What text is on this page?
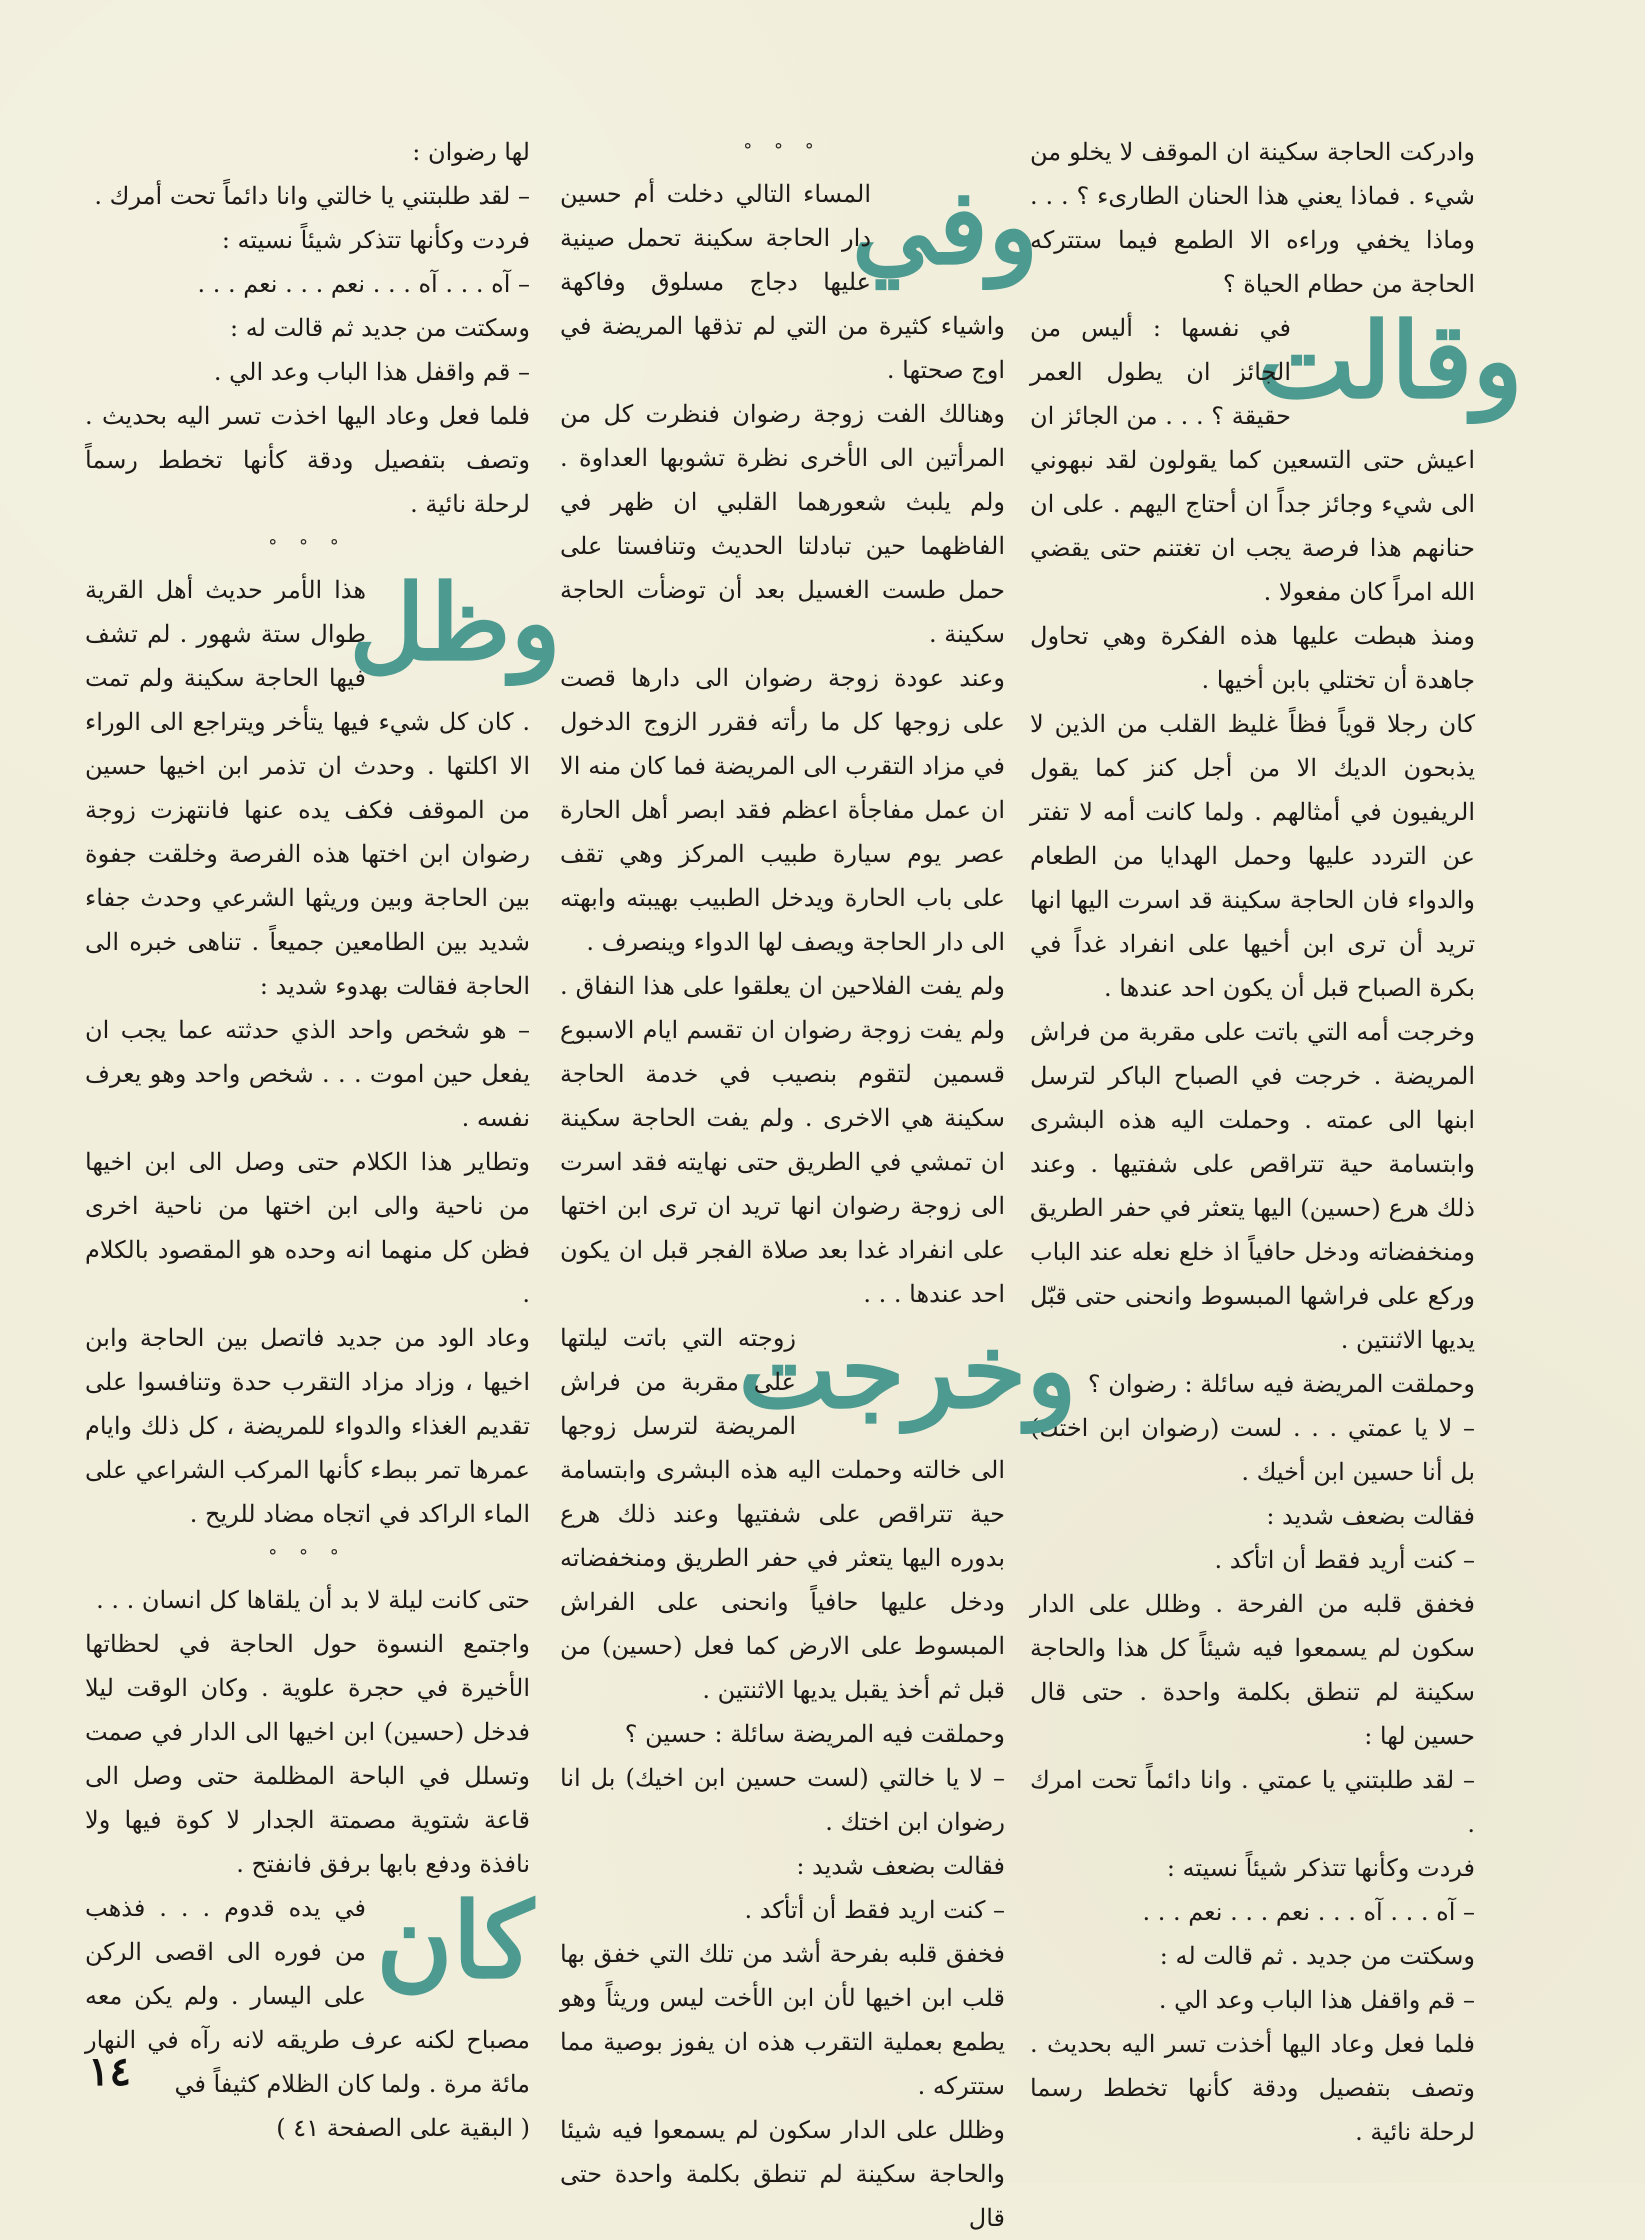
وادركت الحاجة سكينة ان الموقف لا يخلو من شيء . فماذا يعني هذا الحنان الطارىء ؟ . . . وماذا يخفي وراءه الا الطمع فيما ستتركه الحاجة من حطام الحياة ؟
وقالت
في نفسها : أليس من الجائز ان يطول العمر حقيقة ؟ . . . من الجائز ان اعيش حتى التسعين كما يقولون لقد نبهوني الى شيء وجائز جداً ان أحتاج اليهم . على ان حنانهم هذا فرصة يجب ان تغتنم حتى يقضي الله امراً كان مفعولا .
ومنذ هبطت عليها هذه الفكرة وهي تحاول جاهدة أن تختلي بابن أخيها .
كان رجلا قوياً فظاً غليظ القلب من الذين لا يذبحون الديك الا من أجل كنز كما يقول الريفيون في أمثالهم . ولما كانت أمه لا تفتر عن التردد عليها وحمل الهدايا من الطعام والدواء فان الحاجة سكينة قد اسرت اليها انها تريد أن ترى ابن أخيها على انفراد غداً في بكرة الصباح قبل أن يكون احد عندها .
وخرجت أمه التي باتت على مقربة من فراش المريضة . خرجت في الصباح الباكر لترسل ابنها الى عمته . وحملت اليه هذه البشرى وابتسامة حية تتراقص على شفتيها . وعند ذلك هرع (حسين) اليها يتعثر في حفر الطريق ومنخفضاته ودخل حافياً اذ خلع نعله عند الباب وركع على فراشها المبسوط وانحنى حتى قبّل يديها الاثنتين .
وحملقت المريضة فيه سائلة : رضوان ؟
– لا يا عمتي . . . لست (رضوان ابن اختك) بل أنا حسين ابن أخيك .
فقالت بضعف شديد :
– كنت أريد فقط أن اتأكد .
فخفق قلبه من الفرحة . وظلل على الدار سكون لم يسمعوا فيه شيئاً كل هذا والحاجة سكينة لم تنطق بكلمة واحدة . حتى قال حسين لها :
– لقد طلبتني يا عمتي . وانا دائماً تحت امرك .
فردت وكأنها تتذكر شيئاً نسيته :
– آه . . . آه . . . نعم . . . نعم . . .
وسكتت من جديد . ثم قالت له :
– قم واقفل هذا الباب وعد الي .
فلما فعل وعاد اليها أخذت تسر اليه بحديث . وتصف بتفصيل ودقة كأنها تخطط رسما لرحلة نائية .
° ° °
وفي
المساء التالي دخلت أم حسين دار الحاجة سكينة تحمل صينية عليها دجاج مسلوق وفاكهة واشياء كثيرة من التي لم تذقها المريضة في اوج صحتها .
وهنالك الفت زوجة رضوان فنظرت كل من المرأتين الى الأخرى نظرة تشوبها العداوة . ولم يلبث شعورهما القلبي ان ظهر في الفاظهما حين تبادلتا الحديث وتنافستا على حمل طست الغسيل بعد أن توضأت الحاجة سكينة .
وعند عودة زوجة رضوان الى دارها قصت على زوجها كل ما رأته فقرر الزوج الدخول في مزاد التقرب الى المريضة فما كان منه الا ان عمل مفاجأة اعظم فقد ابصر أهل الحارة عصر يوم سيارة طبيب المركز وهي تقف على باب الحارة ويدخل الطبيب بهيبته وابهته الى دار الحاجة ويصف لها الدواء وينصرف .
ولم يفت الفلاحين ان يعلقوا على هذا النفاق . ولم يفت زوجة رضوان ان تقسم ايام الاسبوع قسمين لتقوم بنصيب في خدمة الحاجة سكينة هي الاخرى . ولم يفت الحاجة سكينة ان تمشي في الطريق حتى نهايته فقد اسرت الى زوجة رضوان انها تريد ان ترى ابن اختها على انفراد غدا بعد صلاة الفجر قبل ان يكون احد عندها . . .
وخرجت
زوجته التي باتت ليلتها على مقربة من فراش المريضة لترسل زوجها الى خالته وحملت اليه هذه البشرى وابتسامة حية تتراقص على شفتيها وعند ذلك هرع بدوره اليها يتعثر في حفر الطريق ومنخفضاته ودخل عليها حافياً وانحنى على الفراش المبسوط على الارض كما فعل (حسين) من قبل ثم أخذ يقبل يديها الاثنتين .
وحملقت فيه المريضة سائلة : حسين ؟
– لا يا خالتي (لست حسين ابن اخيك) بل انا رضوان ابن اختك .
فقالت بضعف شديد :
– كنت اريد فقط أن أتأكد .
فخفق قلبه بفرحة أشد من تلك التي خفق بها قلب ابن اخيها لأن ابن الأخت ليس وريثاً وهو يطمع بعملية التقرب هذه ان يفوز بوصية مما ستتركه .
وظلل على الدار سكون لم يسمعوا فيه شيئا والحاجة سكينة لم تنطق بكلمة واحدة حتى قال
لها رضوان :
– لقد طلبتني يا خالتي وانا دائماً تحت أمرك .
فردت وكأنها تتذكر شيئاً نسيته :
– آه . . . آه . . . نعم . . . نعم . . .
وسكتت من جديد ثم قالت له :
– قم واقفل هذا الباب وعد الي .
فلما فعل وعاد اليها اخذت تسر اليه بحديث . وتصف بتفصيل ودقة كأنها تخطط رسماً لرحلة نائية .
° ° °
وظل
هذا الأمر حديث أهل القرية طوال ستة شهور . لم تشف فيها الحاجة سكينة ولم تمت . كان كل شيء فيها يتأخر ويتراجع الى الوراء الا اكلتها . وحدث ان تذمر ابن اخيها حسين من الموقف فكف يده عنها فانتهزت زوجة رضوان ابن اختها هذه الفرصة وخلقت جفوة بين الحاجة وبين وريثها الشرعي وحدث جفاء شديد بين الطامعين جميعاً . تناهى خبره الى الحاجة فقالت بهدوء شديد :
– هو شخص واحد الذي حدثته عما يجب ان يفعل حين اموت . . . شخص واحد وهو يعرف نفسه .
وتطاير هذا الكلام حتى وصل الى ابن اخيها من ناحية والى ابن اختها من ناحية اخرى فظن كل منهما انه وحده هو المقصود بالكلام .
وعاد الود من جديد فاتصل بين الحاجة وابن اخيها ، وزاد مزاد التقرب حدة وتنافسوا على تقديم الغذاء والدواء للمريضة ، كل ذلك وايام عمرها تمر ببطء كأنها المركب الشراعي على الماء الراكد في اتجاه مضاد للريح .
° ° °
حتى كانت ليلة لا بد أن يلقاها كل انسان . . .
واجتمع النسوة حول الحاجة في لحظاتها الأخيرة في حجرة علوية . وكان الوقت ليلا فدخل (حسين) ابن اخيها الى الدار في صمت وتسلل في الباحة المظلمة حتى وصل الى قاعة شتوية مصمتة الجدار لا كوة فيها ولا نافذة ودفع بابها برفق فانفتح .
كان
في يده قدوم . . . فذهب من فوره الى اقصى الركن على اليسار . ولم يكن معه مصباح لكنه عرف طريقه لانه رآه في النهار مائة مرة . ولما كان الظلام كثيفاً في
( البقية على الصفحة ٤١ )
١٤
